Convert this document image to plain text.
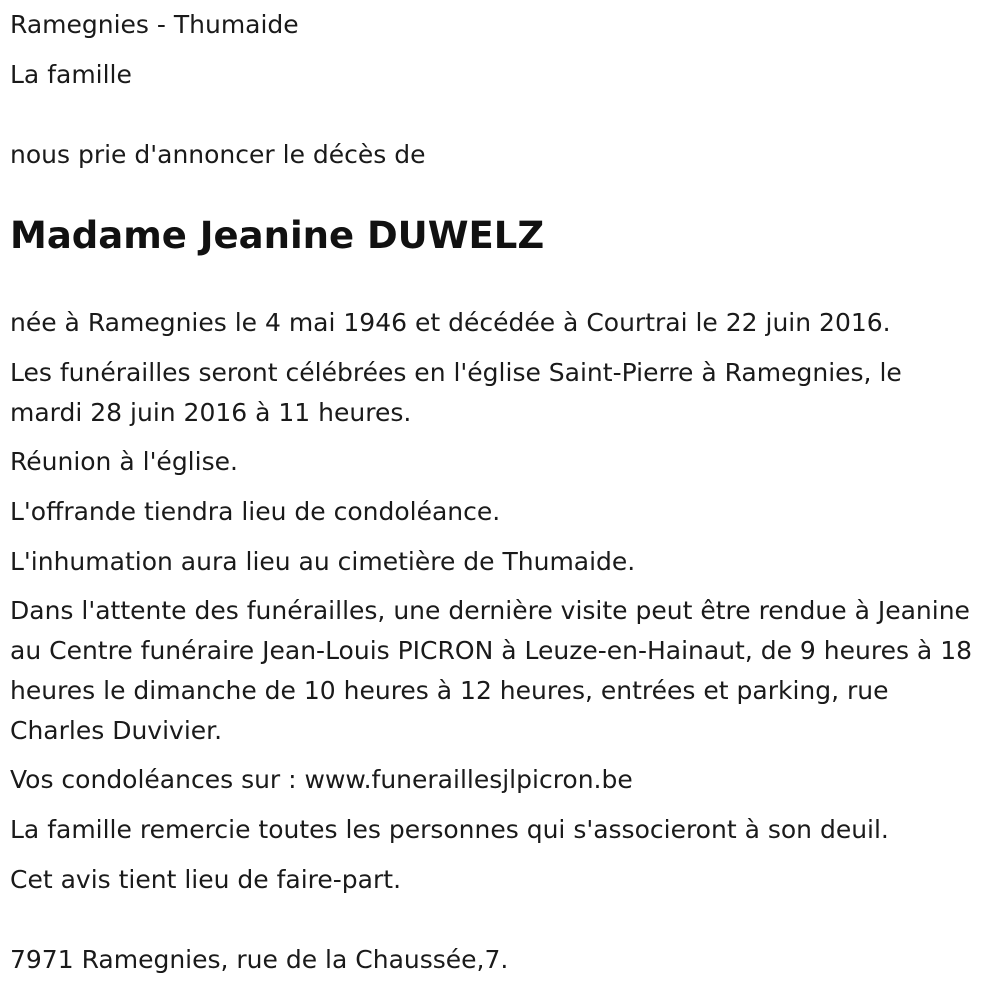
Ramegnies - Thumaide
La famille
nous prie d'annoncer le décès de
Madame Jeanine DUWELZ
née à Ramegnies le 4 mai 1946 et décédée à Courtrai le 22 juin 2016.
Les funérailles seront célébrées en l'église Saint-Pierre à Ramegnies, le mardi 28 juin 2016 à 11 heures.
Réunion à l'église.
L'offrande tiendra lieu de condoléance.
L'inhumation aura lieu au cimetière de Thumaide.
Dans l'attente des funérailles, une dernière visite peut être rendue à Jeanine au Centre funéraire Jean-Louis PICRON à Leuze-en-Hainaut, de 9 heures à 18 heures le dimanche de 10 heures à 12 heures, entrées et parking, rue Charles Duvivier.
Vos condoléances sur : www.funeraillesjlpicron.be
La famille remercie toutes les personnes qui s'associeront à son deuil.
Cet avis tient lieu de faire-part.
7971 Ramegnies, rue de la Chaussée,7.
